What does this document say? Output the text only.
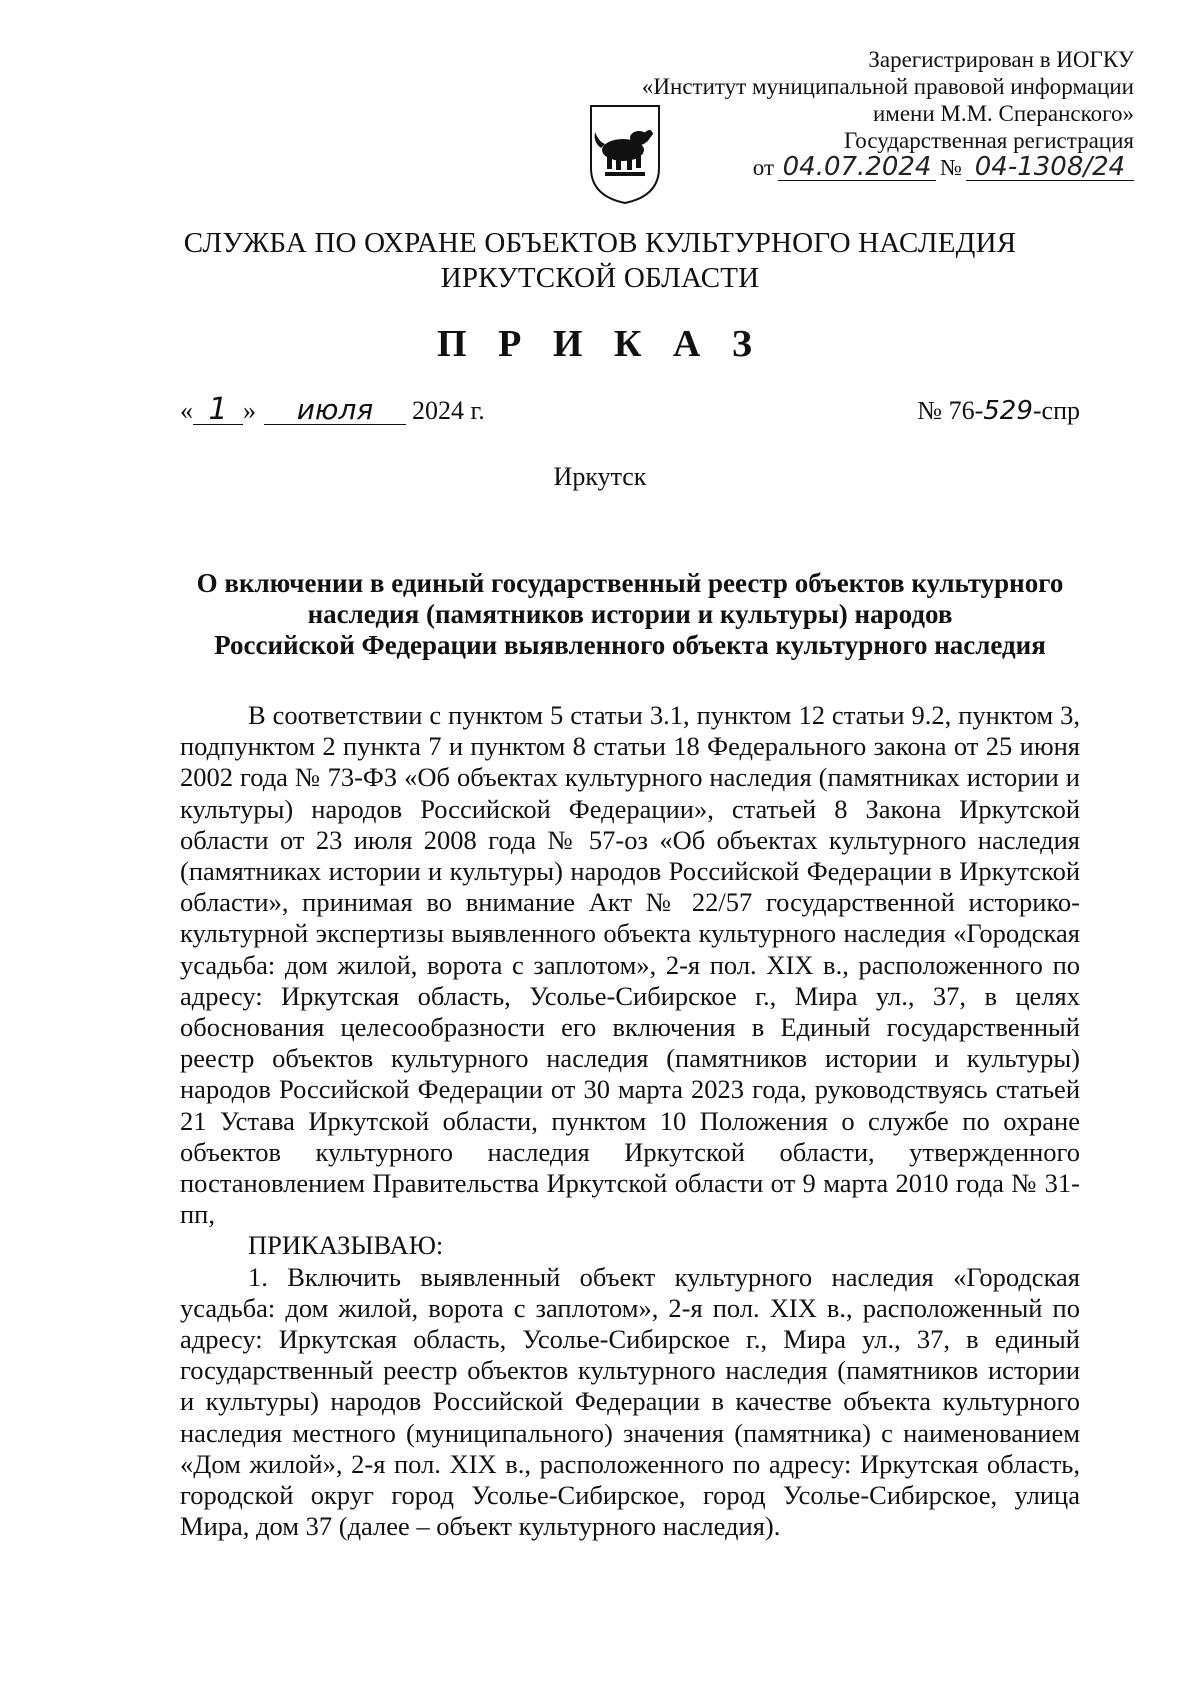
Зарегистрирован в ИОГКУ
«Институт муниципальной правовой информации
имени М.М. Сперанского»
Государственная регистрация
от 04.07.2024 № 04-1308/24
СЛУЖБА ПО ОХРАНЕ ОБЪЕКТОВ КУЛЬТУРНОГО НАСЛЕДИЯ
ИРКУТСКОЙ ОБЛАСТИ
П Р И К А З
« 1 »	июля	2024 г.	№ 76- 529 -спр
Иркутск
О включении в единый государственный реестр объектов культурного
наследия (памятников истории и культуры) народов
Российской Федерации выявленного объекта культурного наследия

В соответствии с пунктом 5 статьи 3.1, пунктом 12 статьи 9.2, пунктом 3, подпунктом 2 пункта 7 и пунктом 8 статьи 18 Федерального закона от 25 июня 2002 года № 73-ФЗ «Об объектах культурного наследия (памятниках истории и культуры) народов Российской Федерации», статьей 8 Закона Иркутской области от 23 июля 2008 года № 57-оз «Об объектах культурного наследия (памятниках истории и культуры) народов Российской Федерации в Иркутской области», принимая во внимание Акт № 22/57 государственной историко-культурной экспертизы выявленного объекта культурного наследия «Городская усадьба: дом жилой, ворота с заплотом», 2-я пол. XIX в., расположенного по адресу: Иркутская область, Усолье-Сибирское г., Мира ул., 37, в целях обоснования целесообразности его включения в Единый государственный реестр объектов культурного наследия (памятников истории и культуры) народов Российской Федерации от 30 марта 2023 года, руководствуясь статьей 21 Устава Иркутской области, пунктом 10 Положения о службе по охране объектов культурного наследия Иркутской области, утвержденного постановлением Правительства Иркутской области от 9 марта 2010 года № 31-пп,

ПРИКАЗЫВАЮ:

1. Включить выявленный объект культурного наследия «Городская усадьба: дом жилой, ворота с заплотом», 2-я пол. XIX в., расположенный по адресу: Иркутская область, Усолье-Сибирское г., Мира ул., 37, в единый государственный реестр объектов культурного наследия (памятников истории и культуры) народов Российской Федерации в качестве объекта культурного наследия местного (муниципального) значения (памятника) с наименованием «Дом жилой», 2-я пол. XIX в., расположенного по адресу: Иркутская область, городской округ город Усолье-Сибирское, город Усолье-Сибирское, улица Мира, дом 37 (далее – объект культурного наследия).
